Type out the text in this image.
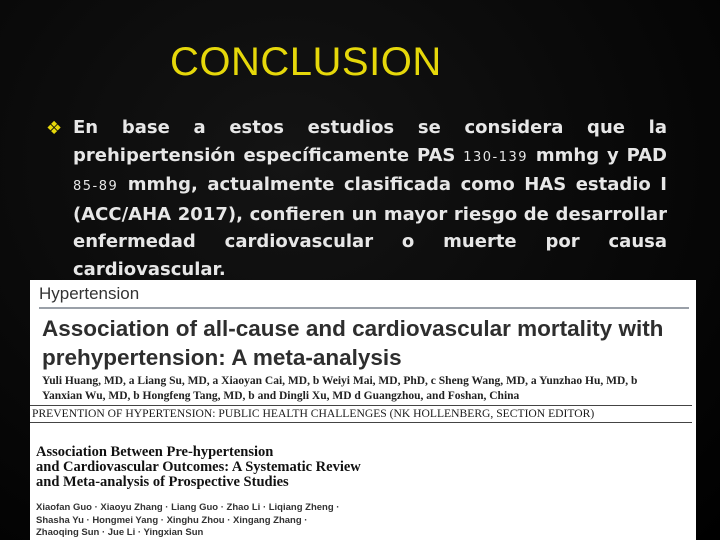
CONCLUSION
❖ En base a estos estudios se considera que la prehipertensión específicamente PAS 130-139 mmhg y PAD 85-89 mmhg, actualmente clasificada como HAS estadio I (ACC/AHA 2017), confieren un mayor riesgo de desarrollar enfermedad cardiovascular o muerte por causa cardiovascular.
Hypertension
Association of all-cause and cardiovascular mortality with prehypertension: A meta-analysis
Yuli Huang, MD, a Liang Su, MD, a Xiaoyan Cai, MD, b Weiyi Mai, MD, PhD, c Sheng Wang, MD, a Yunzhao Hu, MD, b
Yanxian Wu, MD, b Hongfeng Tang, MD, b and Dingli Xu, MD d Guangzhou, and Foshan, China
PREVENTION OF HYPERTENSION: PUBLIC HEALTH CHALLENGES (NK HOLLENBERG, SECTION EDITOR)
Association Between Pre-hypertension
and Cardiovascular Outcomes: A Systematic Review
and Meta-analysis of Prospective Studies
Xiaofan Guo · Xiaoyu Zhang · Liang Guo · Zhao Li · Liqiang Zheng ·
Shasha Yu · Hongmei Yang · Xinghu Zhou · Xingang Zhang ·
Zhaoqing Sun · Jue Li · Yingxian Sun
